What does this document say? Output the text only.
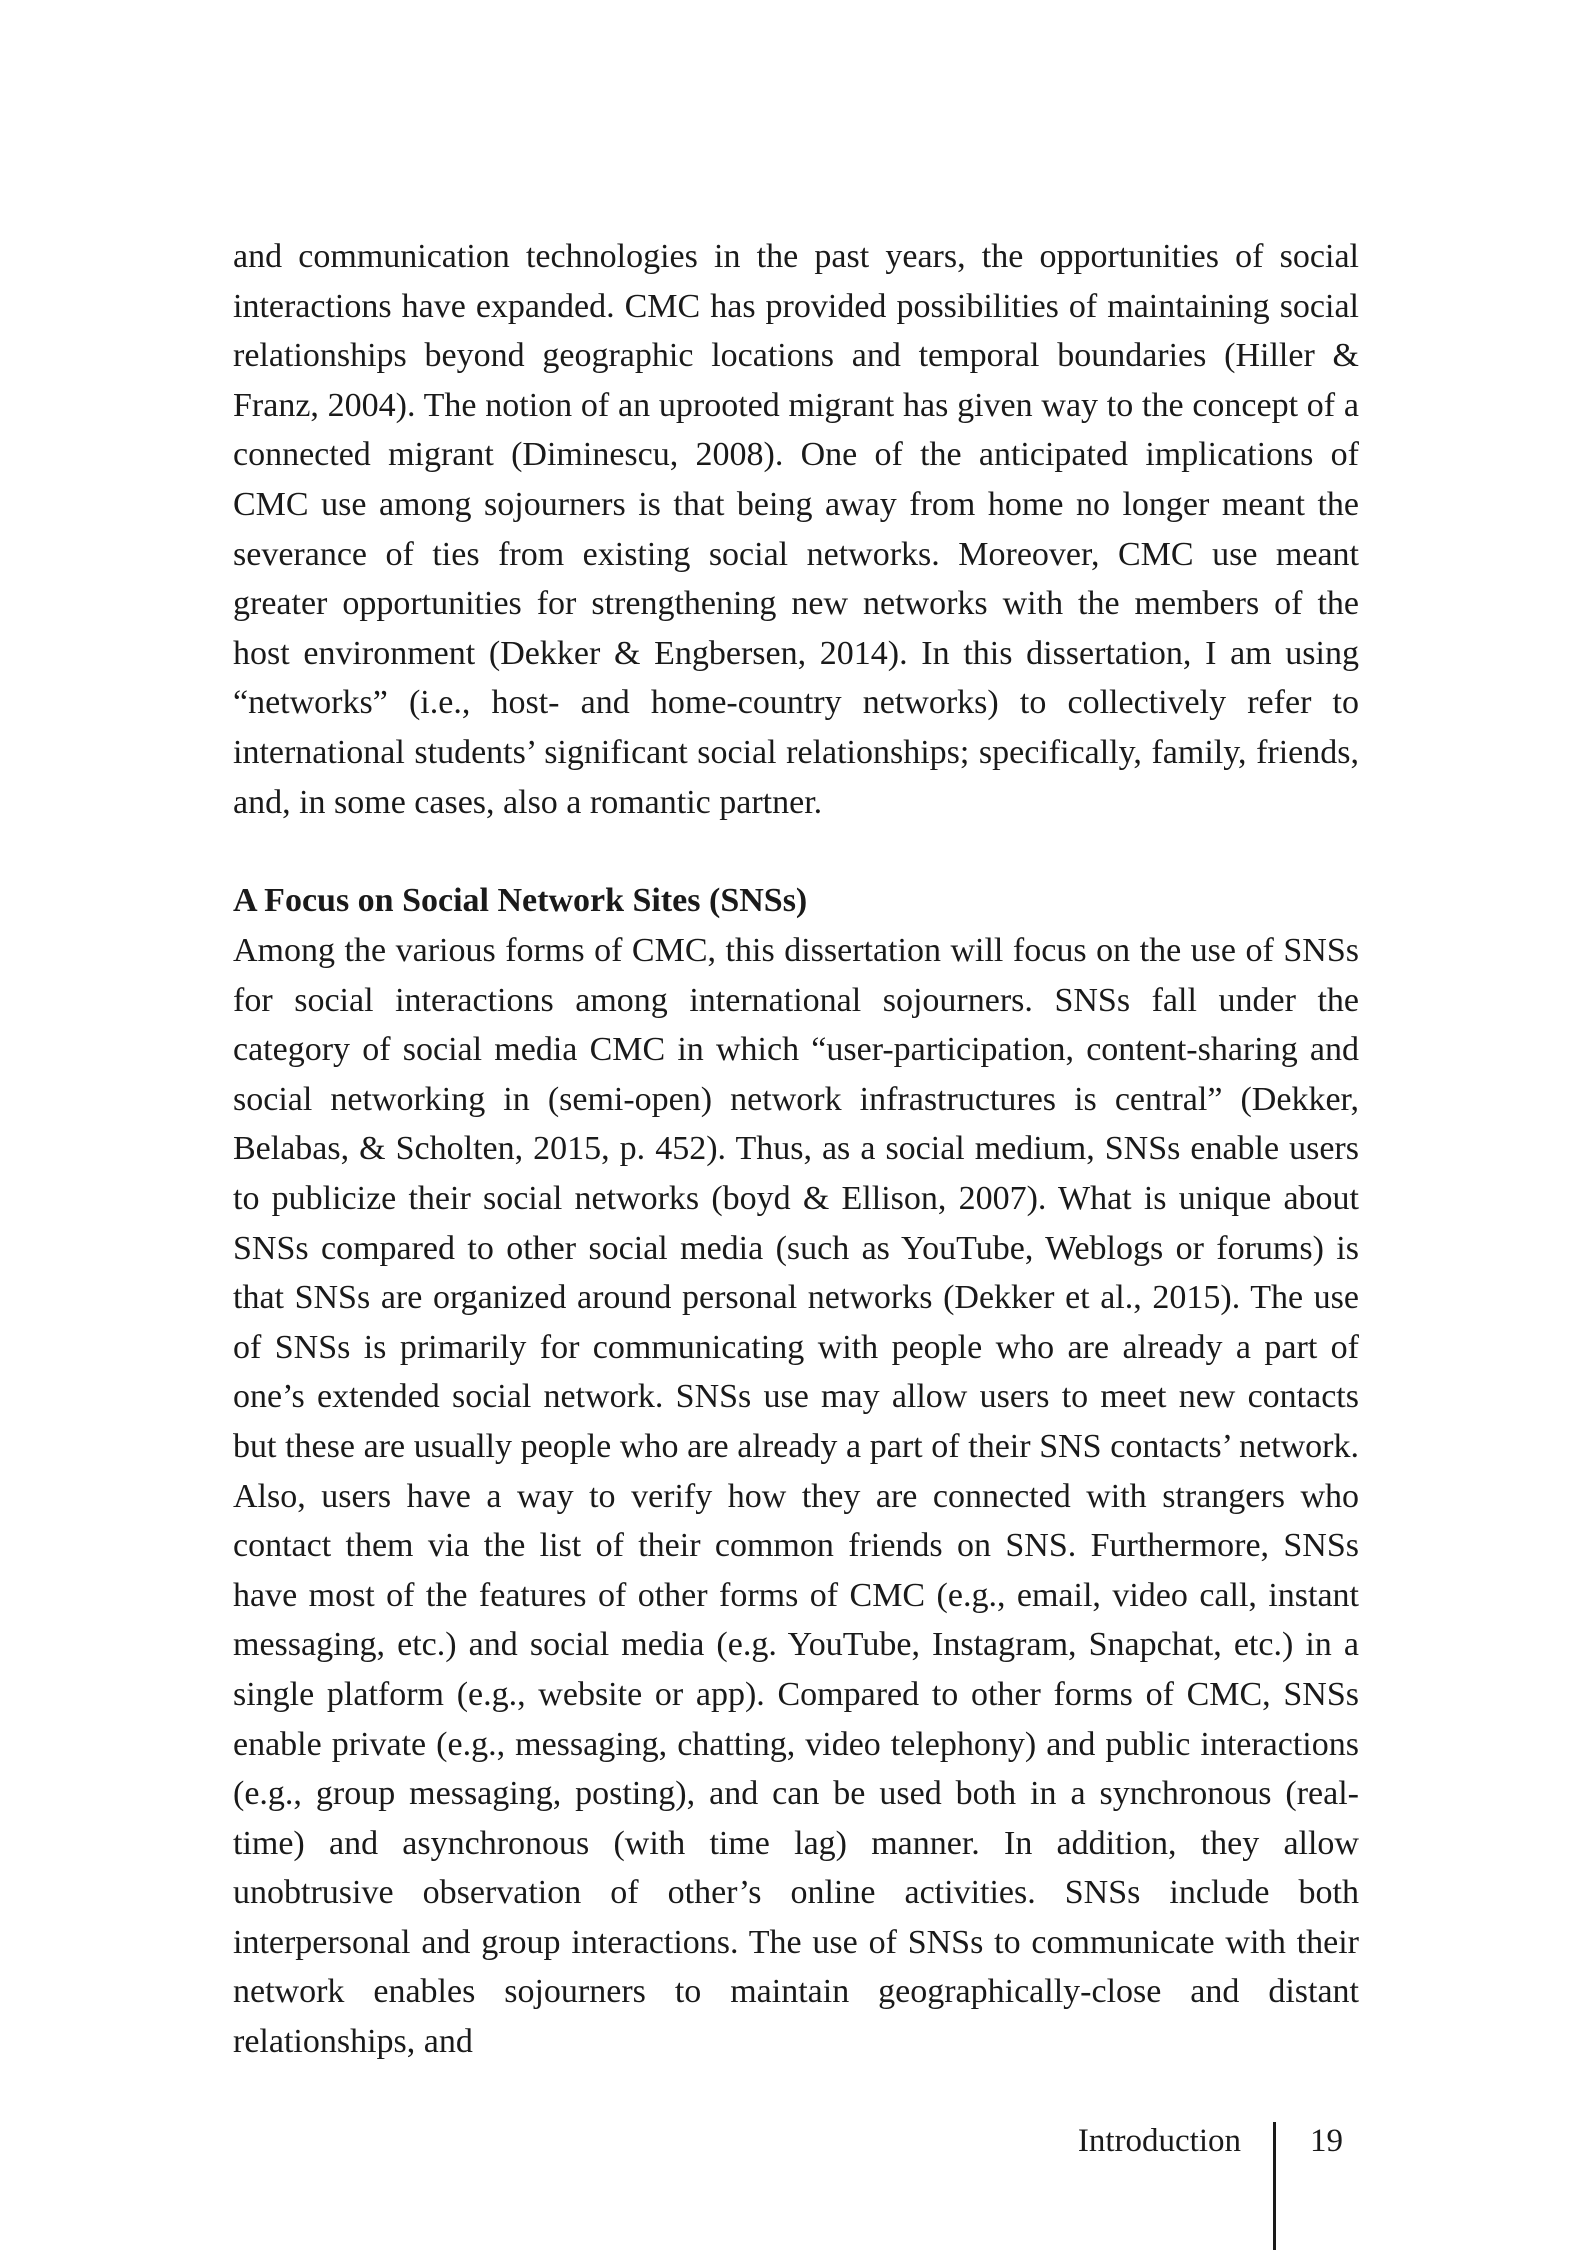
and communication technologies in the past years, the opportunities of social interactions have expanded. CMC has provided possibilities of maintaining social relationships beyond geographic locations and temporal boundaries (Hiller & Franz, 2004). The notion of an uprooted migrant has given way to the concept of a connected migrant (Diminescu, 2008). One of the anticipated implications of CMC use among sojourners is that being away from home no longer meant the severance of ties from existing social networks. Moreover, CMC use meant greater opportunities for strengthening new networks with the members of the host environment (Dekker & Engbersen, 2014). In this dissertation, I am using “networks” (i.e., host- and home-country networks) to collectively refer to international students’ significant social relationships; specifically, family, friends, and, in some cases, also a romantic partner.

A Focus on Social Network Sites (SNSs)

Among the various forms of CMC, this dissertation will focus on the use of SNSs for social interactions among international sojourners. SNSs fall under the category of social media CMC in which “user-participation, content-sharing and social networking in (semi-open) network infrastructures is central” (Dekker, Belabas, & Scholten, 2015, p. 452). Thus, as a social medium, SNSs enable users to publicize their social networks (boyd & Ellison, 2007). What is unique about SNSs compared to other social media (such as YouTube, Weblogs or forums) is that SNSs are organized around personal networks (Dekker et al., 2015). The use of SNSs is primarily for communicating with people who are already a part of one’s extended social network. SNSs use may allow users to meet new contacts but these are usually people who are already a part of their SNS contacts’ network. Also, users have a way to verify how they are connected with strangers who contact them via the list of their common friends on SNS. Furthermore, SNSs have most of the features of other forms of CMC (e.g., email, video call, instant messaging, etc.) and social media (e.g. YouTube, Instagram, Snapchat, etc.) in a single platform (e.g., website or app). Compared to other forms of CMC, SNSs enable private (e.g., messaging, chatting, video telephony) and public interactions (e.g., group messaging, posting), and can be used both in a synchronous (real-time) and asynchronous (with time lag) manner. In addition, they allow unobtrusive observation of other’s online activities. SNSs include both interpersonal and group interactions. The use of SNSs to communicate with their network enables sojourners to maintain geographically-close and distant relationships, and

Introduction 19
